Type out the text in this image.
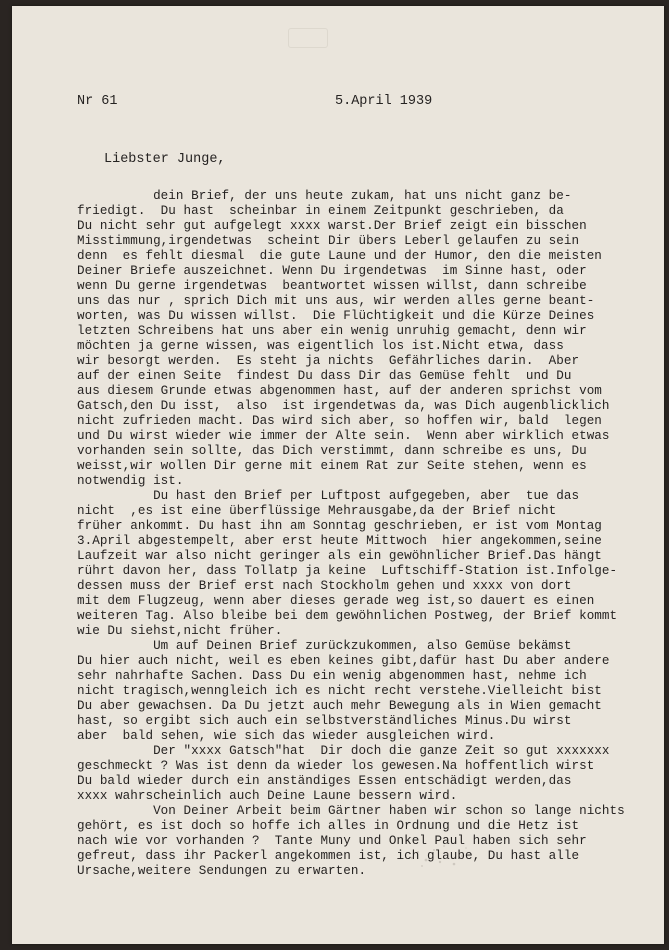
Nr 61	5.April 1939
Liebster Junge,
dein Brief, der uns heute zukam, hat uns nicht ganz be-
friedigt.  Du hast  scheinbar in einem Zeitpunkt geschrieben, da
Du nicht sehr gut aufgelegt xxxx warst.Der Brief zeigt ein bisschen
Misstimmung,irgendetwas  scheint Dir übers Leberl gelaufen zu sein
denn  es fehlt diesmal  die gute Laune und der Humor, den die meisten
Deiner Briefe auszeichnet. Wenn Du irgendetwas  im Sinne hast, oder
wenn Du gerne irgendetwas  beantwortet wissen willst, dann schreibe
uns das nur , sprich Dich mit uns aus, wir werden alles gerne beant-
worten, was Du wissen willst.  Die Flüchtigkeit und die Kürze Deines
letzten Schreibens hat uns aber ein wenig unruhig gemacht, denn wir
möchten ja gerne wissen, was eigentlich los ist.Nicht etwa, dass
wir besorgt werden.  Es steht ja nichts  Gefährliches darin.  Aber
auf der einen Seite  findest Du dass Dir das Gemüse fehlt  und Du
aus diesem Grunde etwas abgenommen hast, auf der anderen sprichst vom
Gatsch,den Du isst,  also  ist irgendetwas da, was Dich augenblicklich
nicht zufrieden macht. Das wird sich aber, so hoffen wir, bald  legen
und Du wirst wieder wie immer der Alte sein.  Wenn aber wirklich etwas
vorhanden sein sollte, das Dich verstimmt, dann schreibe es uns, Du
weisst,wir wollen Dir gerne mit einem Rat zur Seite stehen, wenn es
notwendig ist.
Du hast den Brief per Luftpost aufgegeben, aber  tue das
nicht  ,es ist eine überflüssige Mehrausgabe,da der Brief nicht
früher ankommt. Du hast ihn am Sonntag geschrieben, er ist vom Montag
3.April abgestempelt, aber erst heute Mittwoch  hier angekommen,seine
Laufzeit war also nicht geringer als ein gewöhnlicher Brief.Das hängt
rührt davon her, dass Tollatp ja keine  Luftschiff-Station ist.Infolge-
dessen muss der Brief erst nach Stockholm gehen und xxxx von dort
mit dem Flugzeug, wenn aber dieses gerade weg ist,so dauert es einen
weiteren Tag. Also bleibe bei dem gewöhnlichen Postweg, der Brief kommt
wie Du siehst,nicht früher.
Um auf Deinen Brief zurückzukommen, also Gemüse bekämst
Du hier auch nicht, weil es eben keines gibt,dafür hast Du aber andere
sehr nahrhafte Sachen. Dass Du ein wenig abgenommen hast, nehme ich
nicht tragisch,wenngleich ich es nicht recht verstehe.Vielleicht bist
Du aber gewachsen. Da Du jetzt auch mehr Bewegung als in Wien gemacht
hast, so ergibt sich auch ein selbstverständliches Minus.Du wirst
aber  bald sehen, wie sich das wieder ausgleichen wird.
Der "xxxx Gatsch"hat  Dir doch die ganze Zeit so gut xxxxxxx
geschmeckt ? Was ist denn da wieder los gewesen.Na hoffentlich wirst
Du bald wieder durch ein anständiges Essen entschädigt werden,das
xxxx wahrscheinlich auch Deine Laune bessern wird.
Von Deiner Arbeit beim Gärtner haben wir schon so lange nichts
gehört, es ist doch so hoffe ich alles in Ordnung und die Hetz ist
nach wie vor vorhanden ?  Tante Muny und Onkel Paul haben sich sehr
gefreut, dass ihr Packerl angekommen ist, ich glaube, Du hast alle
Ursache,weitere Sendungen zu erwarten.
